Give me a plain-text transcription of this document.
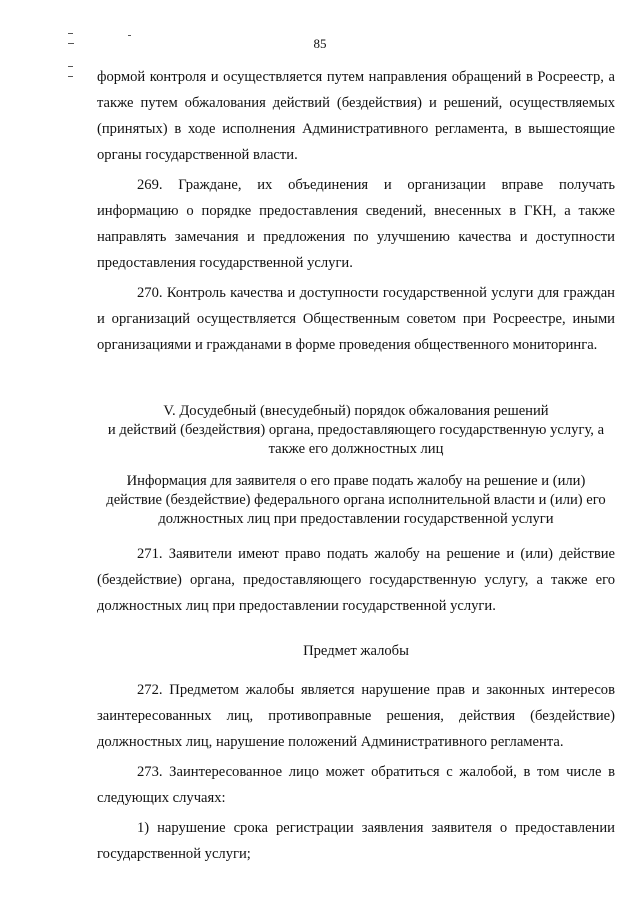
85

формой контроля и осуществляется путем направления обращений в Росреестр, а также путем обжалования действий (бездействия) и решений, осуществляемых (принятых) в ходе исполнения Административного регламента, в вышестоящие органы государственной власти.

269. Граждане, их объединения и организации вправе получать информацию о порядке предоставления сведений, внесенных в ГКН, а также направлять замечания и предложения по улучшению качества и доступности предоставления государственной услуги.

270. Контроль качества и доступности государственной услуги для граждан и организаций осуществляется Общественным советом при Росреестре, иными организациями и гражданами в форме проведения общественного мониторинга.

V. Досудебный (внесудебный) порядок обжалования решений

и действий (бездействия) органа, предоставляющего государственную услугу, а

также его должностных лиц

Информация для заявителя о его праве подать жалобу на решение и (или)

действие (бездействие) федерального органа исполнительной власти и (или) его

должностных лиц при предоставлении государственной услуги

271. Заявители имеют право подать жалобу на решение и (или) действие (бездействие) органа, предоставляющего государственную услугу, а также его должностных лиц при предоставлении государственной услуги.

Предмет жалобы

272. Предметом жалобы является нарушение прав и законных интересов заинтересованных лиц, противоправные решения, действия (бездействие) должностных лиц, нарушение положений Административного регламента.

273. Заинтересованное лицо может обратиться с жалобой, в том числе в следующих случаях:

1) нарушение срока регистрации заявления заявителя о предоставлении государственной услуги;
